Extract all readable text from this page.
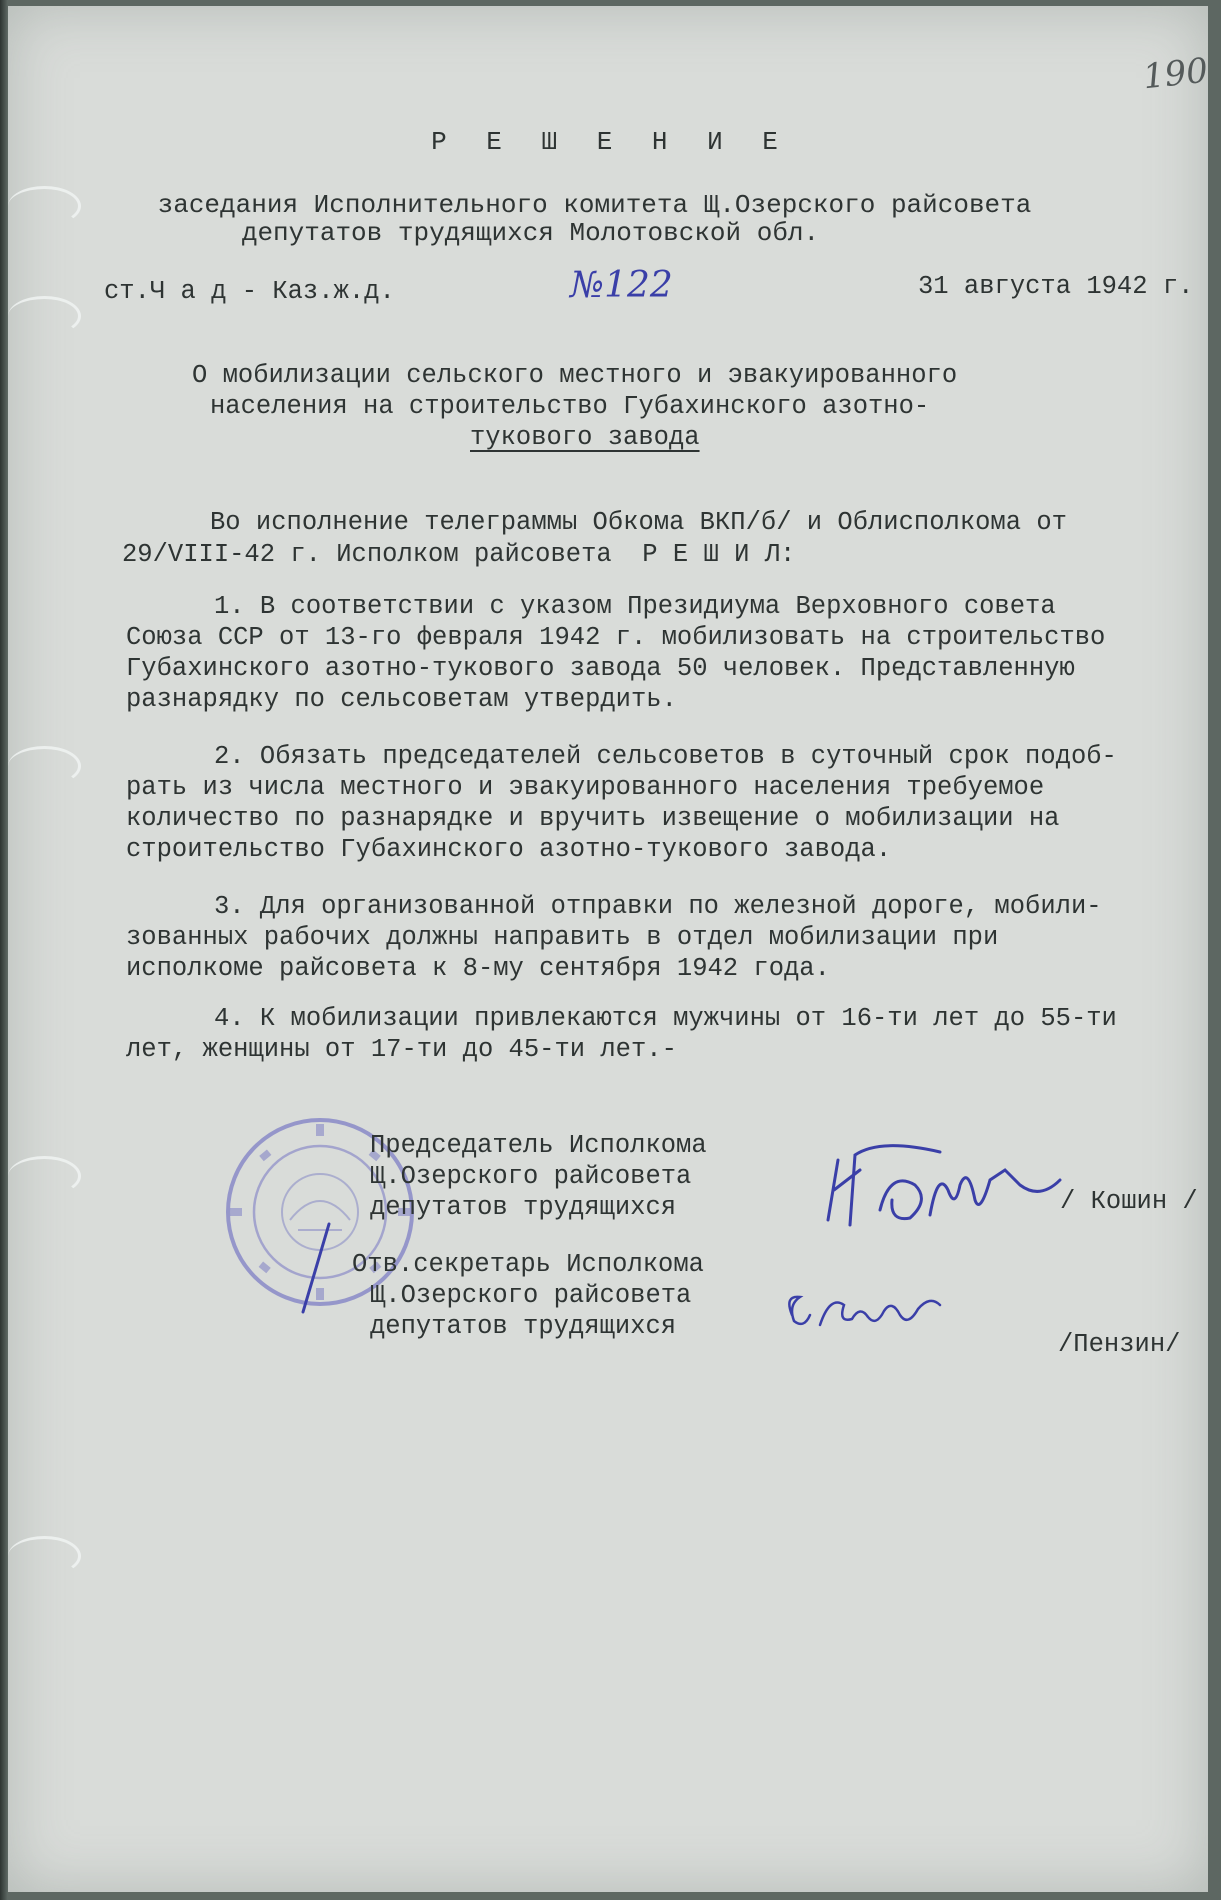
190
Р Е Ш Е Н И Е
заседания Исполнительного комитета Щ.Озерского райсовета
депутатов трудящихся Молотовской обл.
ст.Ч а д - Каз.ж.д.	№122	31 августа 1942 г.
О мобилизации сельского местного и эвакуированного
населения на строительство Губахинского азотно-
тукового завода
Во исполнение телеграммы Обкома ВКП/б/ и Облисполкома от
29/VIII-42 г. Исполком райсовета  Р Е Ш И Л:
1. В соответствии с указом Президиума Верховного совета
Союза ССР от 13-го февраля 1942 г. мобилизовать на строительство
Губахинского азотно-тукового завода 50 человек. Представленную
разнарядку по сельсоветам утвердить.
2. Обязать председателей сельсоветов в суточный срок подоб-
рать из числа местного и эвакуированного населения требуемое
количество по разнарядке и вручить извещение о мобилизации на
строительство Губахинского азотно-тукового завода.
3. Для организованной отправки по железной дороге, мобили-
зованных рабочих должны направить в отдел мобилизации при
исполкоме райсовета к 8-му сентября 1942 года.
4. К мобилизации привлекаются мужчины от 16-ти лет до 55-ти
лет, женщины от 17-ти до 45-ти лет.-
Председатель Исполкома
Щ.Озерского райсовета
депутатов трудящихся	/ Кошин /
Отв.секретарь Исполкома
Щ.Озерского райсовета
депутатов трудящихся
/Пензин/
